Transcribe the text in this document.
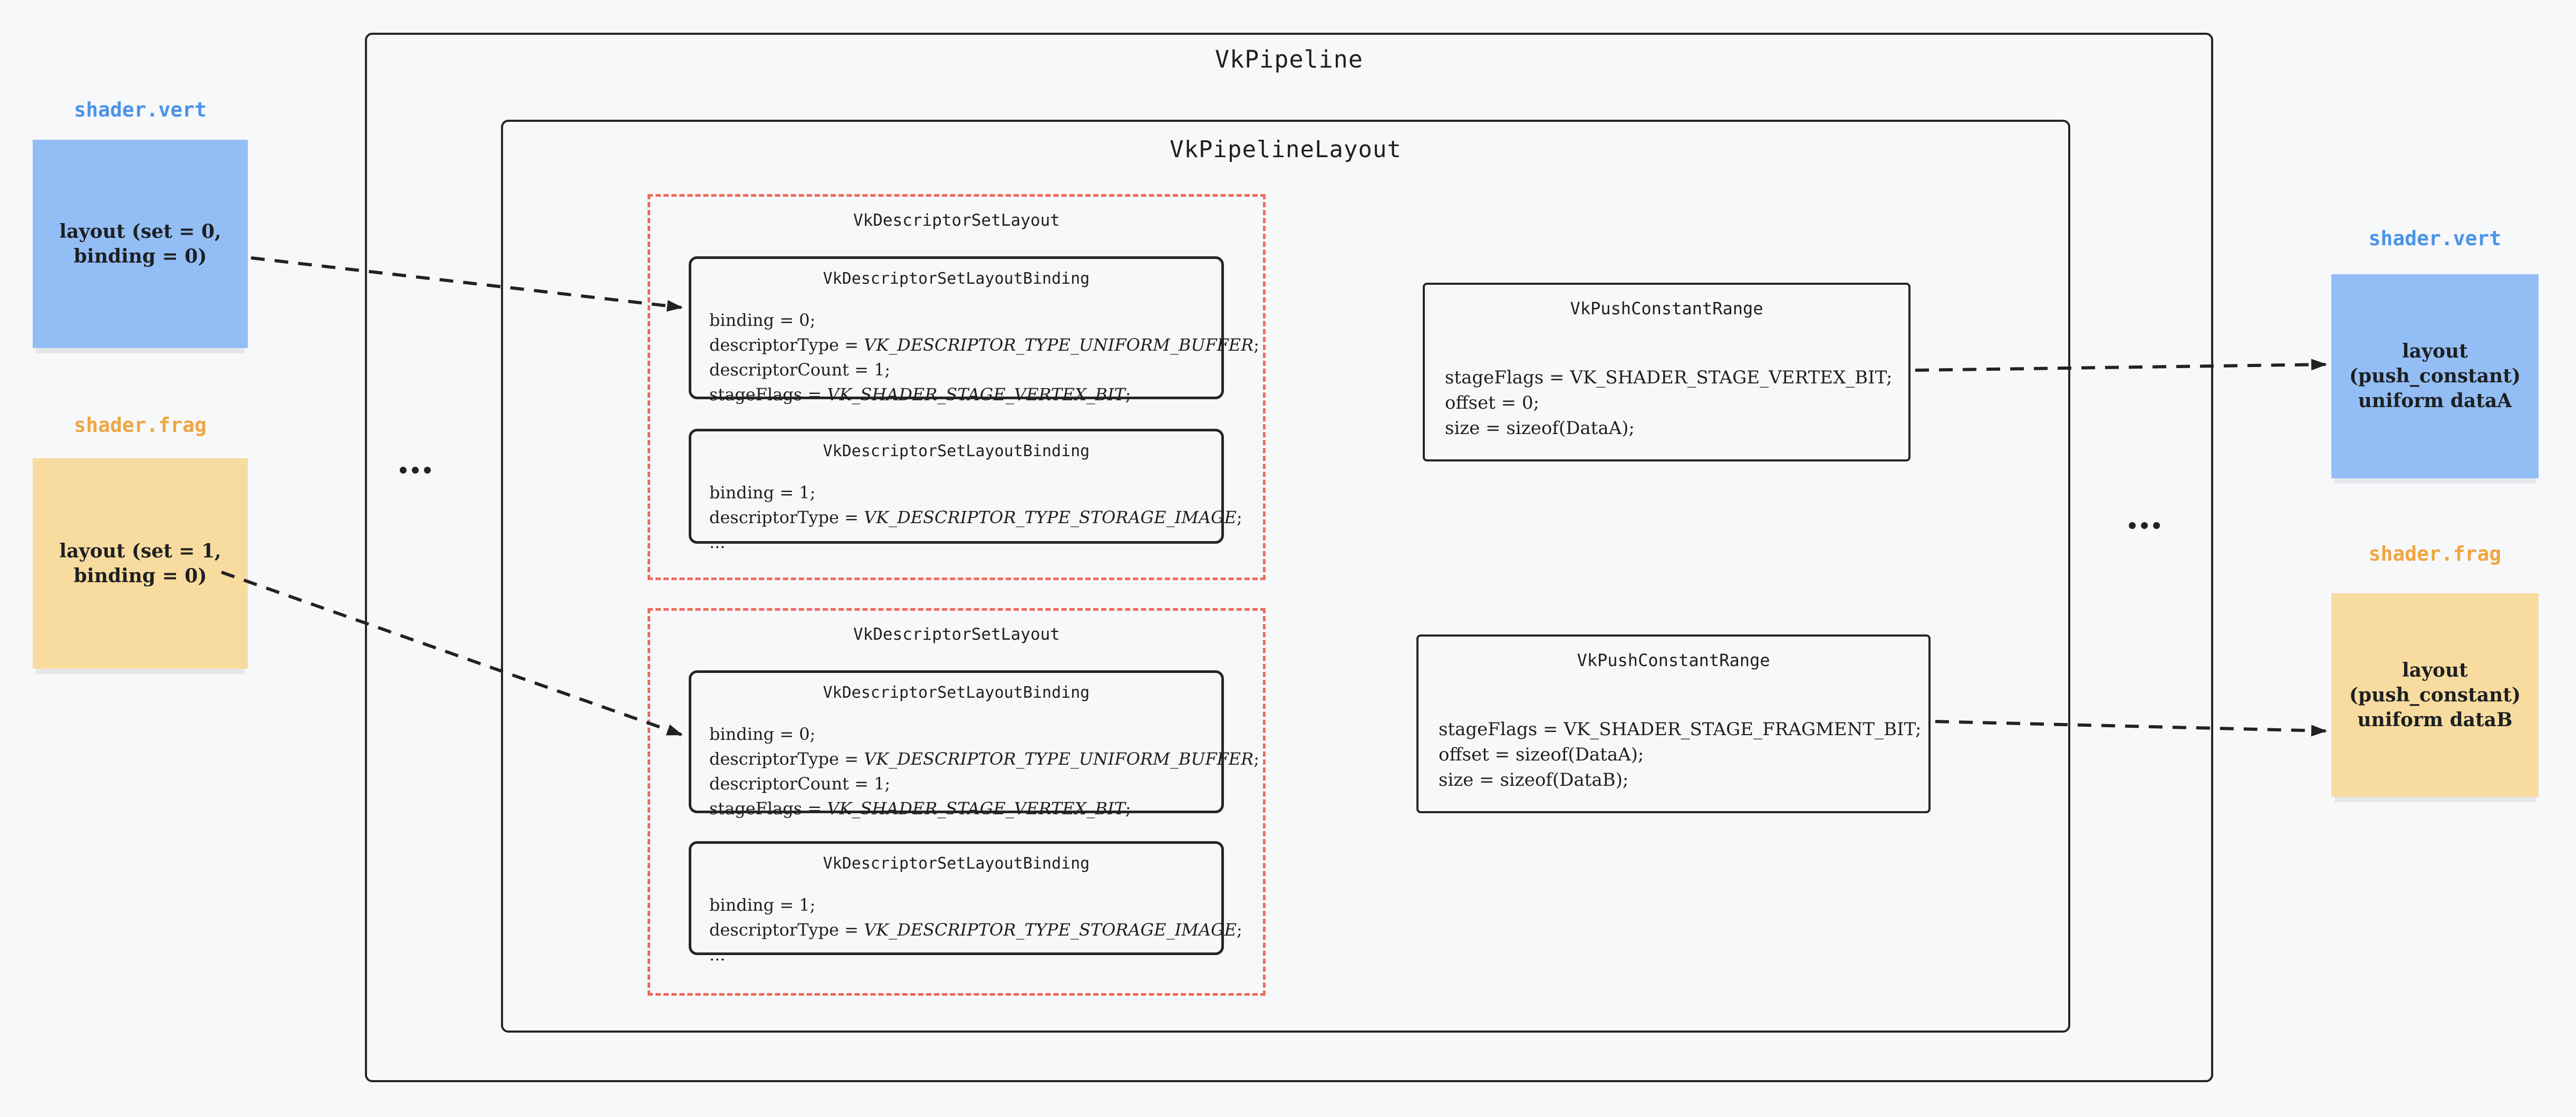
VkPipeline
VkPipelineLayout
VkDescriptorSetLayout
VkDescriptorSetLayoutBinding
binding = 0;
descriptorType = VK_DESCRIPTOR_TYPE_UNIFORM_BUFFER;
descriptorCount = 1;
stageFlags = VK_SHADER_STAGE_VERTEX_BIT;
VkDescriptorSetLayoutBinding
binding = 1;
descriptorType = VK_DESCRIPTOR_TYPE_STORAGE_IMAGE;
...
VkDescriptorSetLayout
VkDescriptorSetLayoutBinding
binding = 0;
descriptorType = VK_DESCRIPTOR_TYPE_UNIFORM_BUFFER;
descriptorCount = 1;
stageFlags = VK_SHADER_STAGE_VERTEX_BIT;
VkDescriptorSetLayoutBinding
binding = 1;
descriptorType = VK_DESCRIPTOR_TYPE_STORAGE_IMAGE;
...
VkPushConstantRange
stageFlags = VK_SHADER_STAGE_VERTEX_BIT;
offset = 0;
size = sizeof(DataA);
VkPushConstantRange
stageFlags = VK_SHADER_STAGE_FRAGMENT_BIT;
offset = sizeof(DataA);
size = sizeof(DataB);
shader.vert
layout (set = 0,
binding = 0)
shader.frag
layout (set = 1,
binding = 0)
shader.vert
layout
(push_constant)
uniform dataA
shader.frag
layout
(push_constant)
uniform dataB
